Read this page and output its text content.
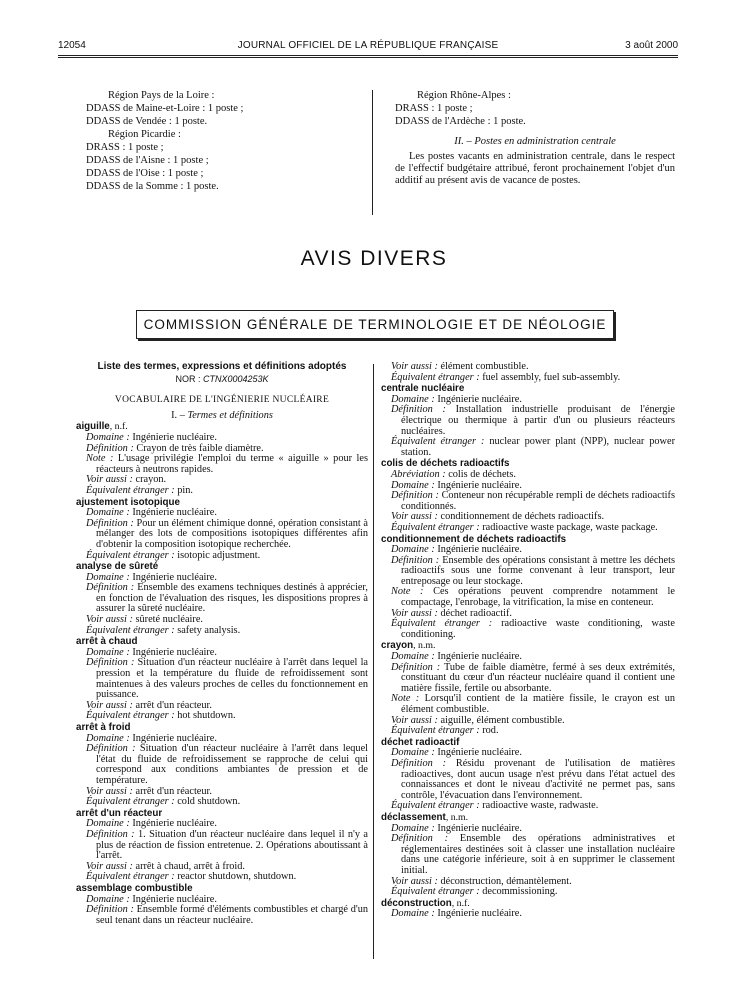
12054	JOURNAL OFFICIEL DE LA RÉPUBLIQUE FRANÇAISE	3 août 2000
Région Pays de la Loire :
DDASS de Maine-et-Loire : 1 poste ;
DDASS de Vendée : 1 poste.
Région Picardie :
DRASS : 1 poste ;
DDASS de l'Aisne : 1 poste ;
DDASS de l'Oise : 1 poste ;
DDASS de la Somme : 1 poste.
Région Rhône-Alpes :
DRASS : 1 poste ;
DDASS de l'Ardèche : 1 poste.
II. – Postes en administration centrale
Les postes vacants en administration centrale, dans le respect de l'effectif budgétaire attribué, feront prochainement l'objet d'un additif au présent avis de vacance de postes.
AVIS DIVERS
COMMISSION GÉNÉRALE DE TERMINOLOGIE ET DE NÉOLOGIE
Liste des termes, expressions et définitions adoptés
NOR : CTNX0004253K
VOCABULAIRE DE L'INGÉNIERIE NUCLÉAIRE
I. – Termes et définitions
aiguille, n.f.
Domaine : Ingénierie nucléaire.
Définition : Crayon de très faible diamètre.
Note : L'usage privilégie l'emploi du terme « aiguille » pour les réacteurs à neutrons rapides.
Voir aussi : crayon.
Équivalent étranger : pin.
ajustement isotopique
Domaine : Ingénierie nucléaire.
Définition : Pour un élément chimique donné, opération consistant à mélanger des lots de compositions isotopiques différentes afin d'obtenir la composition isotopique recherchée.
Équivalent étranger : isotopic adjustment.
analyse de sûreté
Domaine : Ingénierie nucléaire.
Définition : Ensemble des examens techniques destinés à apprécier, en fonction de l'évaluation des risques, les dispositions propres à assurer la sûreté nucléaire.
Voir aussi : sûreté nucléaire.
Équivalent étranger : safety analysis.
arrêt à chaud
Domaine : Ingénierie nucléaire.
Définition : Situation d'un réacteur nucléaire à l'arrêt dans lequel la pression et la température du fluide de refroidissement sont maintenues à des valeurs proches de celles du fonctionnement en puissance.
Voir aussi : arrêt d'un réacteur.
Équivalent étranger : hot shutdown.
arrêt à froid
Domaine : Ingénierie nucléaire.
Définition : Situation d'un réacteur nucléaire à l'arrêt dans lequel l'état du fluide de refroidissement se rapproche de celui qui correspond aux conditions ambiantes de pression et de température.
Voir aussi : arrêt d'un réacteur.
Équivalent étranger : cold shutdown.
arrêt d'un réacteur
Domaine : Ingénierie nucléaire.
Définition : 1. Situation d'un réacteur nucléaire dans lequel il n'y a plus de réaction de fission entretenue. 2. Opérations aboutissant à l'arrêt.
Voir aussi : arrêt à chaud, arrêt à froid.
Équivalent étranger : reactor shutdown, shutdown.
assemblage combustible
Domaine : Ingénierie nucléaire.
Définition : Ensemble formé d'éléments combustibles et chargé d'un seul tenant dans un réacteur nucléaire.
Voir aussi : élément combustible.
Équivalent étranger : fuel assembly, fuel sub-assembly.
centrale nucléaire
Domaine : Ingénierie nucléaire.
Définition : Installation industrielle produisant de l'énergie électrique ou thermique à partir d'un ou plusieurs réacteurs nucléaires.
Équivalent étranger : nuclear power plant (NPP), nuclear power station.
colis de déchets radioactifs
Abréviation : colis de déchets.
Domaine : Ingénierie nucléaire.
Définition : Conteneur non récupérable rempli de déchets radioactifs conditionnés.
Voir aussi : conditionnement de déchets radioactifs.
Équivalent étranger : radioactive waste package, waste package.
conditionnement de déchets radioactifs
Domaine : Ingénierie nucléaire.
Définition : Ensemble des opérations consistant à mettre les déchets radioactifs sous une forme convenant à leur transport, leur entreposage ou leur stockage.
Note : Ces opérations peuvent comprendre notamment le compactage, l'enrobage, la vitrification, la mise en conteneur.
Voir aussi : déchet radioactif.
Équivalent étranger : radioactive waste conditioning, waste conditioning.
crayon, n.m.
Domaine : Ingénierie nucléaire.
Définition : Tube de faible diamètre, fermé à ses deux extrémités, constituant du cœur d'un réacteur nucléaire quand il contient une matière fissile, fertile ou absorbante.
Note : Lorsqu'il contient de la matière fissile, le crayon est un élément combustible.
Voir aussi : aiguille, élément combustible.
Équivalent étranger : rod.
déchet radioactif
Domaine : Ingénierie nucléaire.
Définition : Résidu provenant de l'utilisation de matières radioactives, dont aucun usage n'est prévu dans l'état actuel des connaissances et dont le niveau d'activité ne permet pas, sans contrôle, l'évacuation dans l'environnement.
Équivalent étranger : radioactive waste, radwaste.
déclassement, n.m.
Domaine : Ingénierie nucléaire.
Définition : Ensemble des opérations administratives et réglementaires destinées soit à classer une installation nucléaire dans une catégorie inférieure, soit à en supprimer le classement initial.
Voir aussi : déconstruction, démantèlement.
Équivalent étranger : decommissioning.
déconstruction, n.f.
Domaine : Ingénierie nucléaire.
